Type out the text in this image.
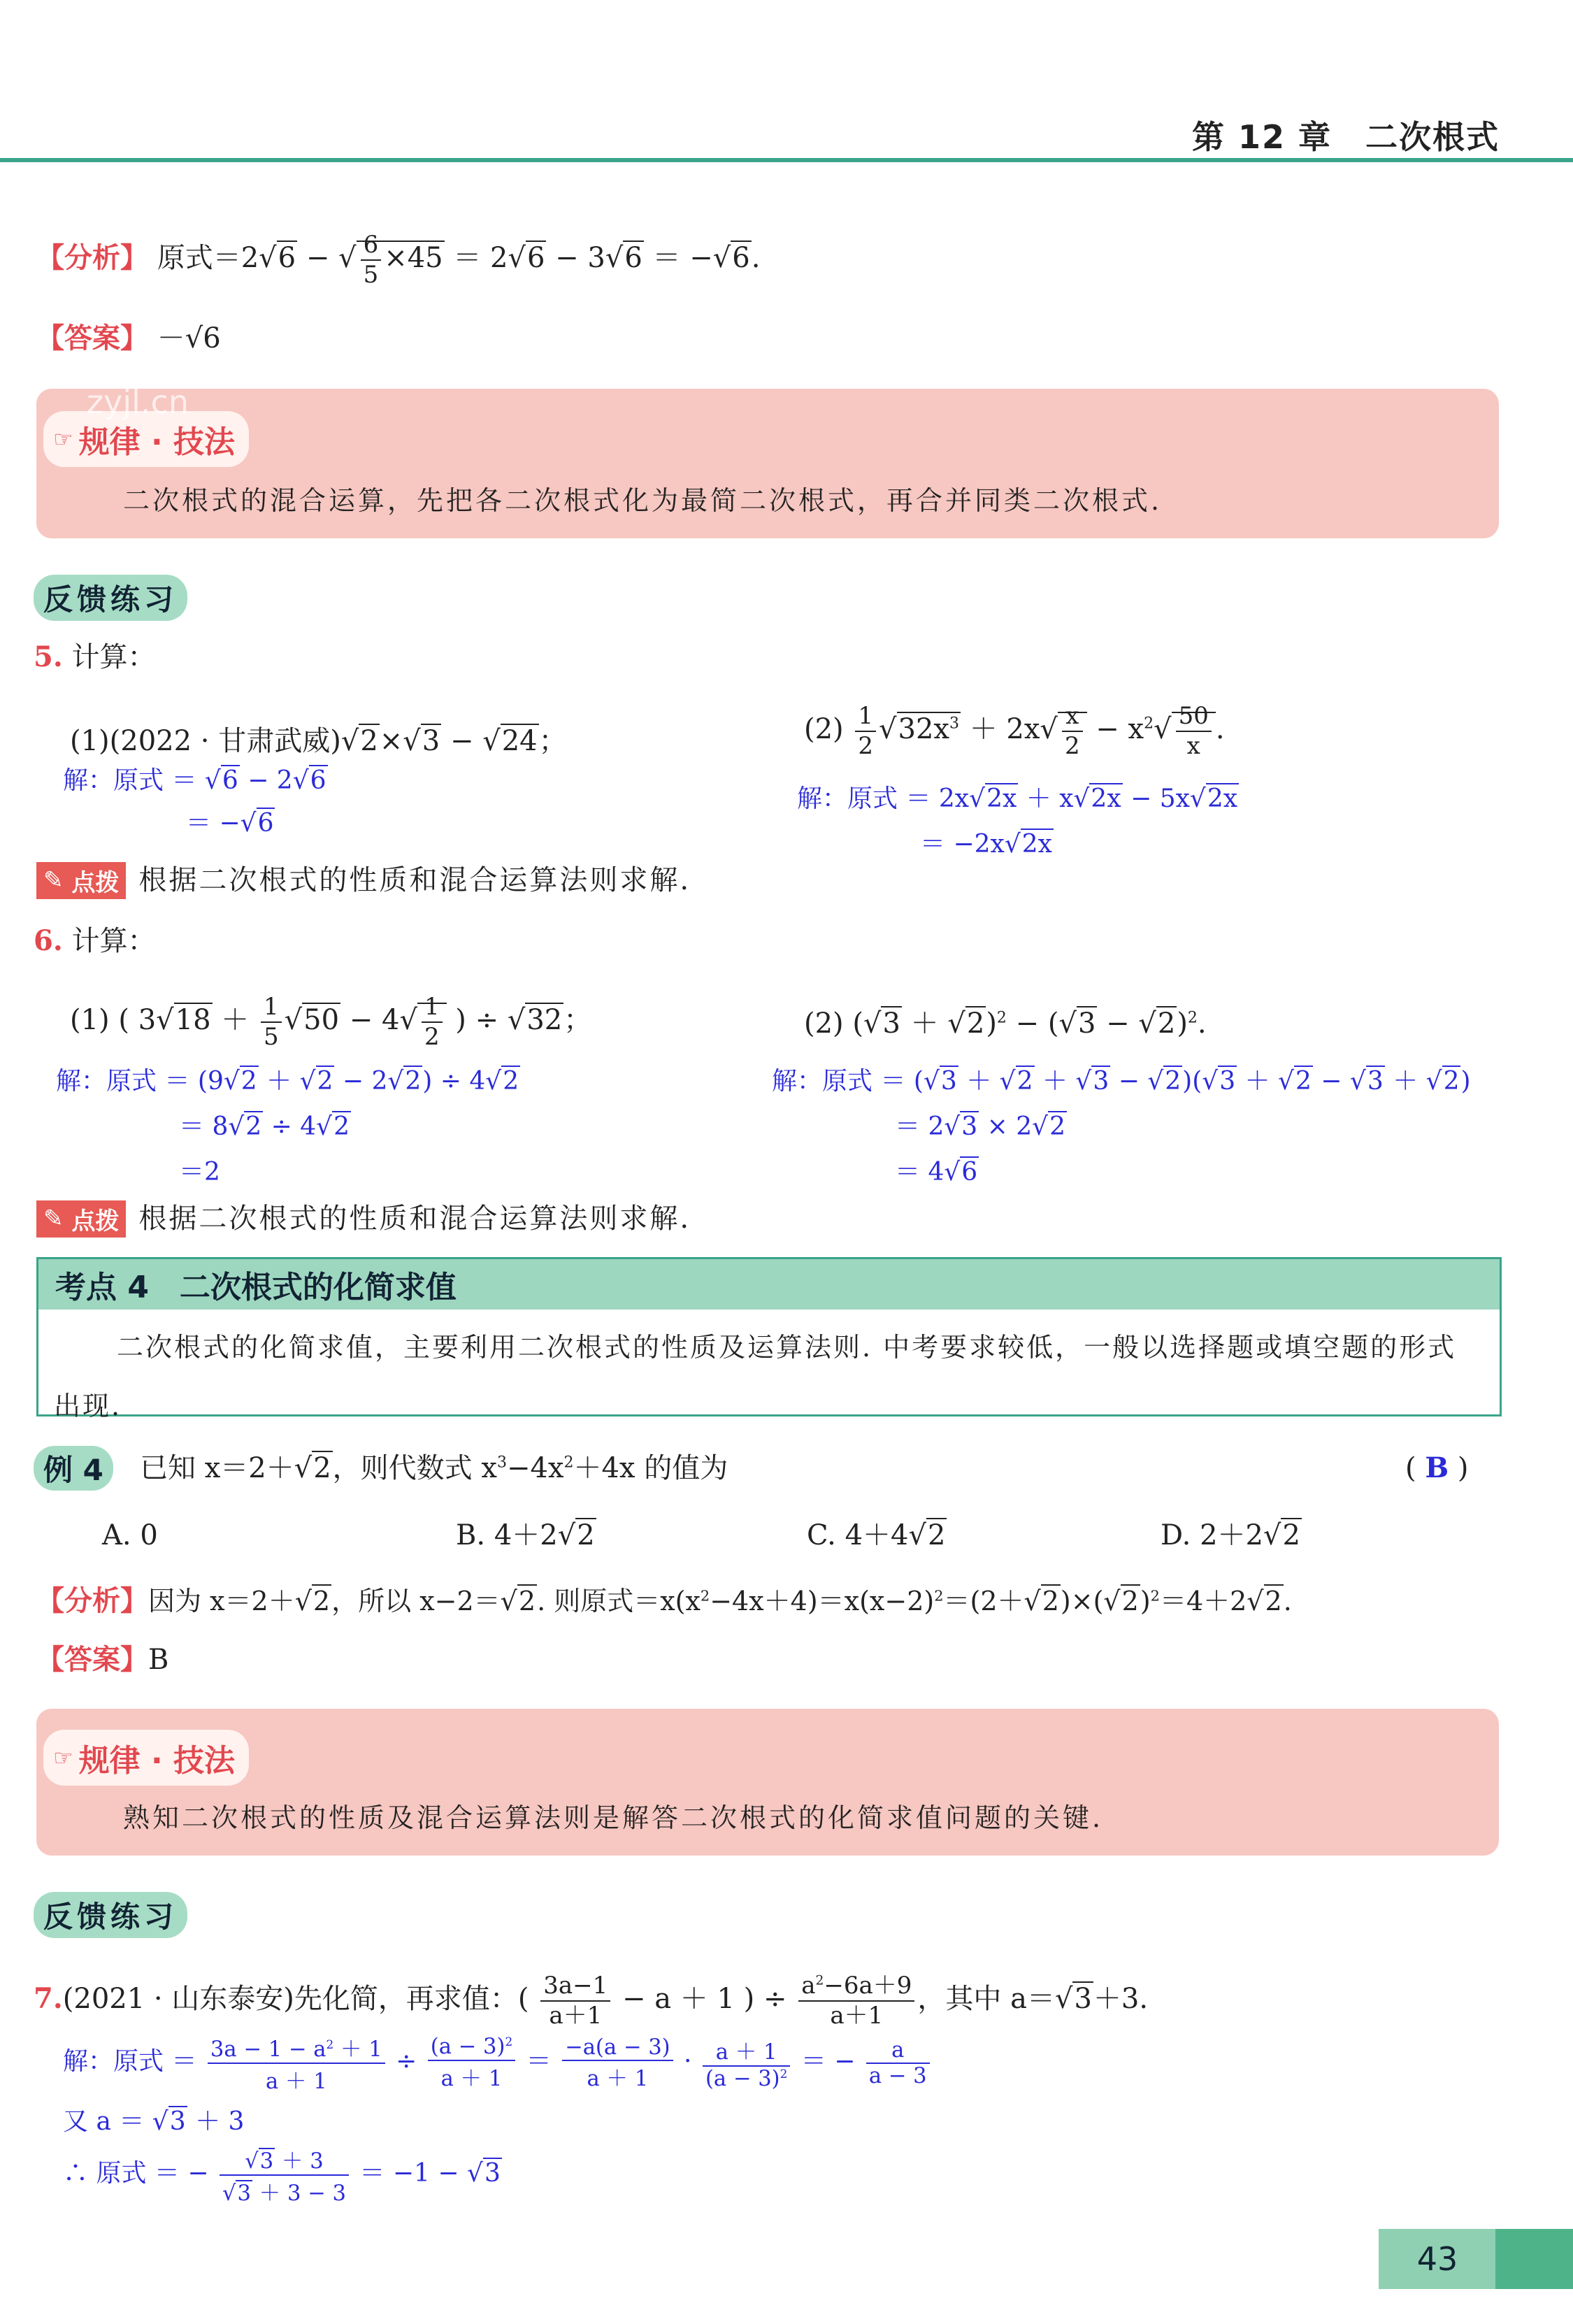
第 12 章 二次根式
【分析】 原式＝2√6 − √ $\frac{6}{5} \times 45 = 2√6 - 3√6 = -√6$.
【答案】 －√6
☞ 规律 · 技法
zyjl.cn
二次根式的混合运算，先把各二次根式化为最简二次根式，再合并同类二次根式.
反馈练习
5. 计算：
(1)(2022 · 甘肃武威)√2×√3 − √24；	$(2) \frac{1}{2} √32x^3 + 2x√ \frac{x}{2} - x^2√ \frac{50}{x}$ .
解：原式 ＝ √6 − 2√6
＝ −√6
解：原式 ＝ 2x√2x ＋ x√2x − 5x√2x
＝ −2x√2x
✎
点拨 根据二次根式的性质和混合运算法则求解.
6. 计算：
(1) ( $3√18 + \frac{1}{5} √50 - 4√ \frac{1}{2}$ ) ÷ √32；	(2) $(√3 + √2)^2 - (√3 - √2)^2$.
解：原式 ＝ (9√2 ＋ √2 − 2√2) ÷ 4√2
＝ 8√2 ÷ 4√2
＝2
解：原式 ＝ (√3 ＋ √2 ＋ √3 − √2)(√3 ＋ √2 − √3 ＋ √2)
＝ 2√3 × 2√2
＝ 4√6
✎
点拨 根据二次根式的性质和混合运算法则求解.
考点 4　二次根式的化简求值
二次根式的化简求值，主要利用二次根式的性质及运算法则. 中考要求较低，一般以选择题或填空题的形式出现.
例 4	已知 x＝2＋√2，则代数式 $x^3-4x^2+4x$ 的值为	( B )
A. 0	B. 4＋2√2	C. 4＋4√2	D. 2＋2√2
【分析】因为 x＝2＋√2，所以 x−2＝√2. 则原式$=x(x^2-4x+4)=x(x-2)^2=(2+√2)\times(√2)^2=4+2√2$.
【答案】B
☞ 规律 · 技法
熟知二次根式的性质及混合运算法则是解答二次根式的化简求值问题的关键.
反馈练习
7.(2021 · 山东泰安)先化简，再求值：( $\frac{3a-1}{a+1} - a + 1$ ) ÷ $\frac{a^2-6a+9}{a+1}$ ，其中 a＝√3＋3.
解：原式 ＝ $\frac{3a - 1 - a^2 + 1}{a + 1} \div \frac{(a - 3)^2}{a + 1} = \frac{-a(a - 3)}{a + 1} \cdot \frac{a + 1}{(a - 3)^2}$ ＝ − $\frac{a}{a - 3}$
又 a ＝ √3 ＋ 3
∴ 原式 ＝ − $\frac{√3 + 3}{√3 + 3 - 3} = -1 - √3$
43
